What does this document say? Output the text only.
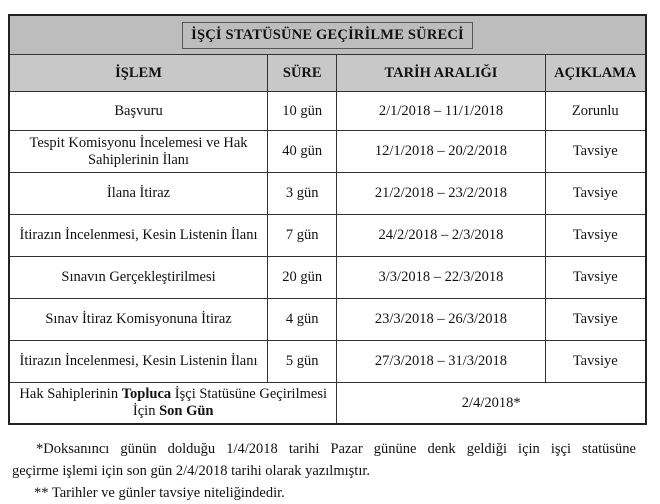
İŞÇİ STATÜSÜNE GEÇİRİLME SÜRECİ			
İŞLEM	SÜRE	TARİH ARALIĞI	AÇIKLAMA
Başvuru	10 gün	2/1/2018 – 11/1/2018	Zorunlu
Tespit Komisyonu İncelemesi ve Hak Sahiplerinin İlanı	40 gün	12/1/2018 – 20/2/2018	Tavsiye
İlana İtiraz	3 gün	21/2/2018 – 23/2/2018	Tavsiye
İtirazın İncelenmesi, Kesin Listenin İlanı	7 gün	24/2/2018 – 2/3/2018	Tavsiye
Sınavın Gerçekleştirilmesi	20 gün	3/3/2018 – 22/3/2018	Tavsiye
Sınav İtiraz Komisyonuna İtiraz	4 gün	23/3/2018 – 26/3/2018	Tavsiye
İtirazın İncelenmesi, Kesin Listenin İlanı	5 gün	27/3/2018 – 31/3/2018	Tavsiye
Hak Sahiplerinin Topluca İşçi Statüsüne Geçirilmesi İçin Son Gün		2/4/2018*	
*Doksanıncı günün dolduğu 1/4/2018 tarihi Pazar gününe denk geldiği için işçi statüsüne
geçirme işlemi için son gün 2/4/2018 tarihi olarak yazılmıştır.
** Tarihler ve günler tavsiye niteliğindedir.
